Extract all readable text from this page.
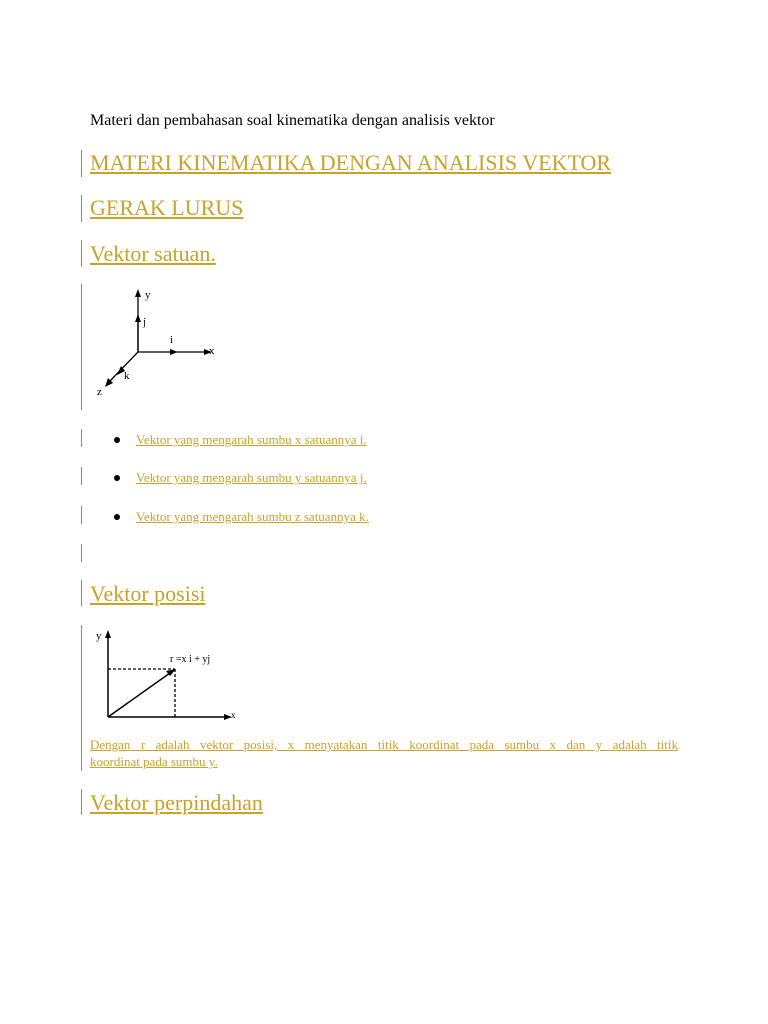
Materi dan pembahasan soal kinematika dengan analisis vektor

MATERI KINEMATIKA DENGAN ANALISIS VEKTOR
GERAK LURUS
Vektor satuan.
y
j
x
i
z
k
Vektor yang mengarah sumbu x satuannya i.
Vektor yang mengarah sumbu y satuannya j.
Vektor yang mengarah sumbu z satuannya k.
Vektor posisi
y
x
r =x i + yj

Dengan r adalah vektor posisi, x menyatakan titik koordinat pada sumbu x dan y adalah titik
koordinat pada sumbu y.

Vektor perpindahan
